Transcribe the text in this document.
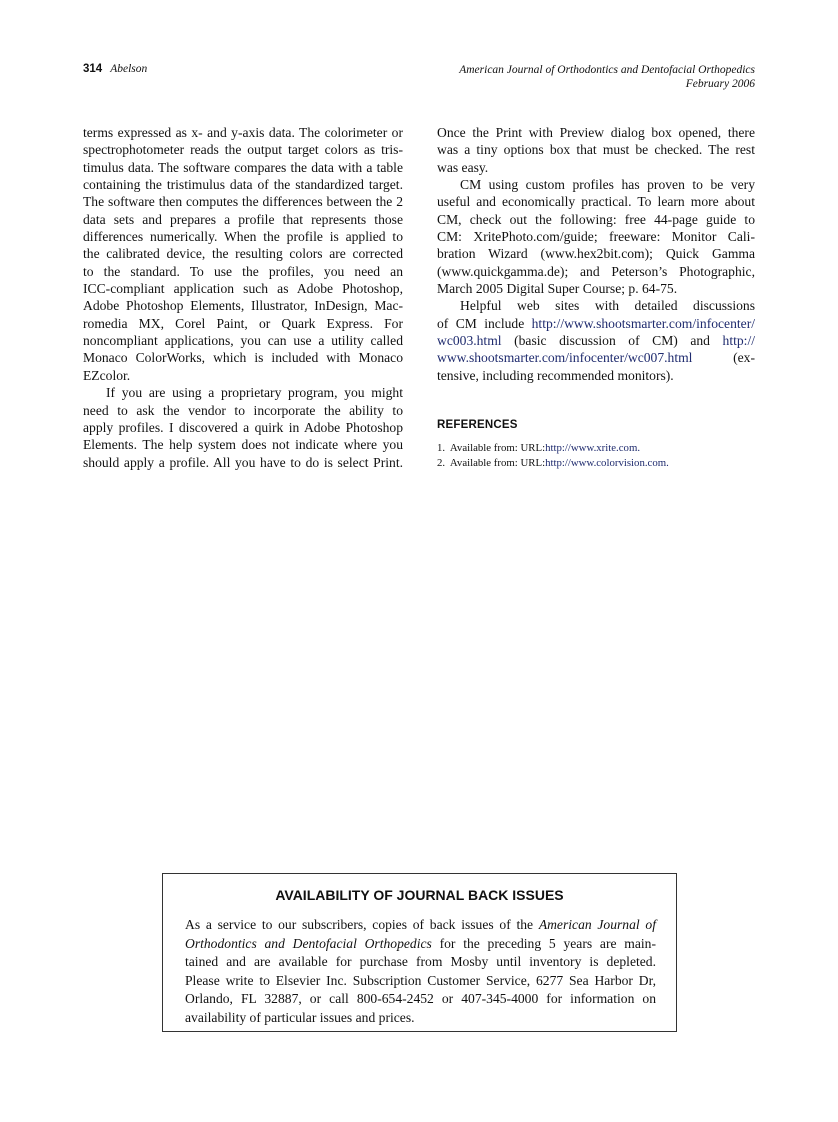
314 Abelson	American Journal of Orthodontics and Dentofacial Orthopedics
February 2006
terms expressed as x- and y-axis data. The colorimeter or
spectrophotometer reads the output target colors as tris-
timulus data. The software compares the data with a table
containing the tristimulus data of the standardized target.
The software then computes the differences between the 2
data sets and prepares a profile that represents those
differences numerically. When the profile is applied to
the calibrated device, the resulting colors are corrected
to the standard. To use the profiles, you need an
ICC-compliant application such as Adobe Photoshop,
Adobe Photoshop Elements, Illustrator, InDesign, Mac-
romedia MX, Corel Paint, or Quark Express. For
noncompliant applications, you can use a utility called
Monaco ColorWorks, which is included with Monaco
EZcolor.
If you are using a proprietary program, you might
need to ask the vendor to incorporate the ability to
apply profiles. I discovered a quirk in Adobe Photoshop
Elements. The help system does not indicate where you
should apply a profile. All you have to do is select Print.
Once the Print with Preview dialog box opened, there
was a tiny options box that must be checked. The rest
was easy.
CM using custom profiles has proven to be very
useful and economically practical. To learn more about
CM, check out the following: free 44-page guide to
CM: XritePhoto.com/guide; freeware: Monitor Cali-
bration Wizard (www.hex2bit.com); Quick Gamma
(www.quickgamma.de); and Peterson’s Photographic,
March 2005 Digital Super Course; p. 64-75.
Helpful web sites with detailed discussions
of CM include http://www.shootsmarter.com/infocenter/
wc003.html (basic discussion of CM) and http://
www.shootsmarter.com/infocenter/wc007.html (ex-
tensive, including recommended monitors).
REFERENCES
1. Available from: URL:http://www.xrite.com.
2. Available from: URL:http://www.colorvision.com.
AVAILABILITY OF JOURNAL BACK ISSUES
As a service to our subscribers, copies of back issues of the American Journal of
Orthodontics and Dentofacial Orthopedics for the preceding 5 years are main-
tained and are available for purchase from Mosby until inventory is depleted.
Please write to Elsevier Inc. Subscription Customer Service, 6277 Sea Harbor Dr,
Orlando, FL 32887, or call 800-654-2452 or 407-345-4000 for information on
availability of particular issues and prices.
